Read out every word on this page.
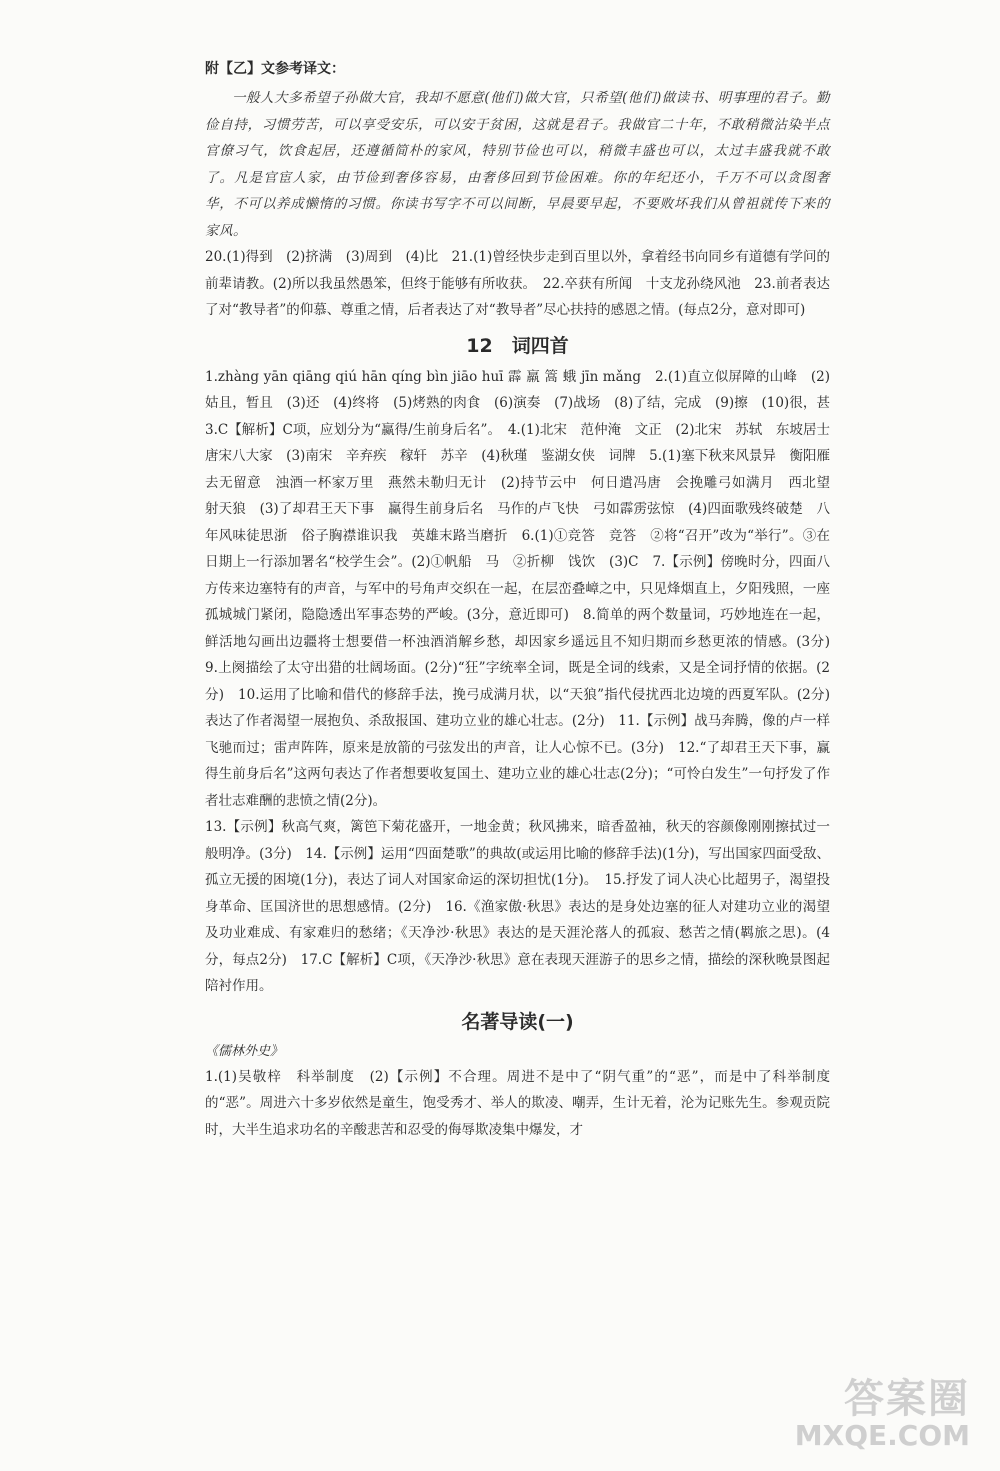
附【乙】文参考译文：

一般人大多希望子孙做大官，我却不愿意(他们)做大官，只希望(他们)做读书、明事理的君子。勤俭自持，习惯劳苦，可以享受安乐，可以安于贫困，这就是君子。我做官二十年，不敢稍微沾染半点官僚习气，饮食起居，还遵循简朴的家风，特别节俭也可以，稍微丰盛也可以，太过丰盛我就不敢了。凡是官宦人家，由节俭到奢侈容易，由奢侈回到节俭困难。你的年纪还小，千万不可以贪图奢华，不可以养成懒惰的习惯。你读书写字不可以间断，早晨要早起，不要败坏我们从曾祖就传下来的家风。

20.(1)得到　(2)挤满　(3)周到　(4)比　21.(1)曾经快步走到百里以外，拿着经书向同乡有道德有学问的前辈请教。(2)所以我虽然愚笨，但终于能够有所收获。　22.卒获有所闻　十支龙孙绕风池　23.前者表达了对“教导者”的仰慕、尊重之情，后者表达了对“教导者”尽心扶持的感恩之情。(每点2分，意对即可)

12　词四首

1.zhàng yān qiāng qiú hān qíng bìn jiāo huī 霹 羸 篙 蛾 jīn mǎng　2.(1)直立似屏障的山峰　(2)姑且，暂且　(3)还　(4)终将　(5)烤熟的肉食　(6)演奏　(7)战场　(8)了结，完成　(9)擦　(10)很，甚　3.C【解析】C项，应划分为“赢得/生前身后名”。　4.(1)北宋　范仲淹　文正　(2)北宋　苏轼　东坡居士　唐宋八大家　(3)南宋　辛弃疾　稼轩　苏辛　(4)秋瑾　鉴湖女侠　词牌　5.(1)塞下秋来风景异　衡阳雁去无留意　浊酒一杯家万里　燕然未勒归无计　(2)持节云中　何日遣冯唐　会挽雕弓如满月　西北望　射天狼　(3)了却君王天下事　赢得生前身后名　马作的卢飞快　弓如霹雳弦惊　(4)四面歌残终破楚　八年风味徒思浙　俗子胸襟谁识我　英雄末路当磨折　6.(1)①竞答　竞答　②将“召开”改为“举行”。③在日期上一行添加署名“校学生会”。(2)①帆船　马　②折柳　饯饮　(3)C　7.【示例】傍晚时分，四面八方传来边塞特有的声音，与军中的号角声交织在一起，在层峦叠嶂之中，只见烽烟直上，夕阳残照，一座孤城城门紧闭，隐隐透出军事态势的严峻。(3分，意近即可)　8.简单的两个数量词，巧妙地连在一起，鲜活地勾画出边疆将士想要借一杯浊酒消解乡愁，却因家乡遥远且不知归期而乡愁更浓的情感。(3分)　9.上阕描绘了太守出猎的壮阔场面。(2分)“狂”字统率全词，既是全词的线索，又是全词抒情的依据。(2分)　10.运用了比喻和借代的修辞手法，挽弓成满月状，以“天狼”指代侵扰西北边境的西夏军队。(2分)表达了作者渴望一展抱负、杀敌报国、建功立业的雄心壮志。(2分)　11.【示例】战马奔腾，像的卢一样飞驰而过；雷声阵阵，原来是放箭的弓弦发出的声音，让人心惊不已。(3分)　12.“了却君王天下事，赢得生前身后名”这两句表达了作者想要收复国土、建功立业的雄心壮志(2分)；“可怜白发生”一句抒发了作者壮志难酬的悲愤之情(2分)。

13.【示例】秋高气爽，篱笆下菊花盛开，一地金黄；秋风拂来，暗香盈袖，秋天的容颜像刚刚擦拭过一般明净。(3分)　14.【示例】运用“四面楚歌”的典故(或运用比喻的修辞手法)(1分)，写出国家四面受敌、孤立无援的困境(1分)，表达了词人对国家命运的深切担忧(1分)。　15.抒发了词人决心比超男子，渴望投身革命、匡国济世的思想感情。(2分)　16.《渔家傲·秋思》表达的是身处边塞的征人对建功立业的渴望及功业难成、有家难归的愁绪；《天净沙·秋思》表达的是天涯沦落人的孤寂、愁苦之情(羁旅之思)。(4分，每点2分)　17.C【解析】C项，《天净沙·秋思》意在表现天涯游子的思乡之情，描绘的深秋晚景图起陪衬作用。

名著导读(一)

《儒林外史》

1.(1)吴敬梓　科举制度　(2)【示例】不合理。周进不是中了“阴气重”的“恶”，而是中了科举制度的“恶”。周进六十多岁依然是童生，饱受秀才、举人的欺凌、嘲弄，生计无着，沦为记账先生。参观贡院时，大半生追求功名的辛酸悲苦和忍受的侮辱欺凌集中爆发，才

答案圈
MXQE.COM
